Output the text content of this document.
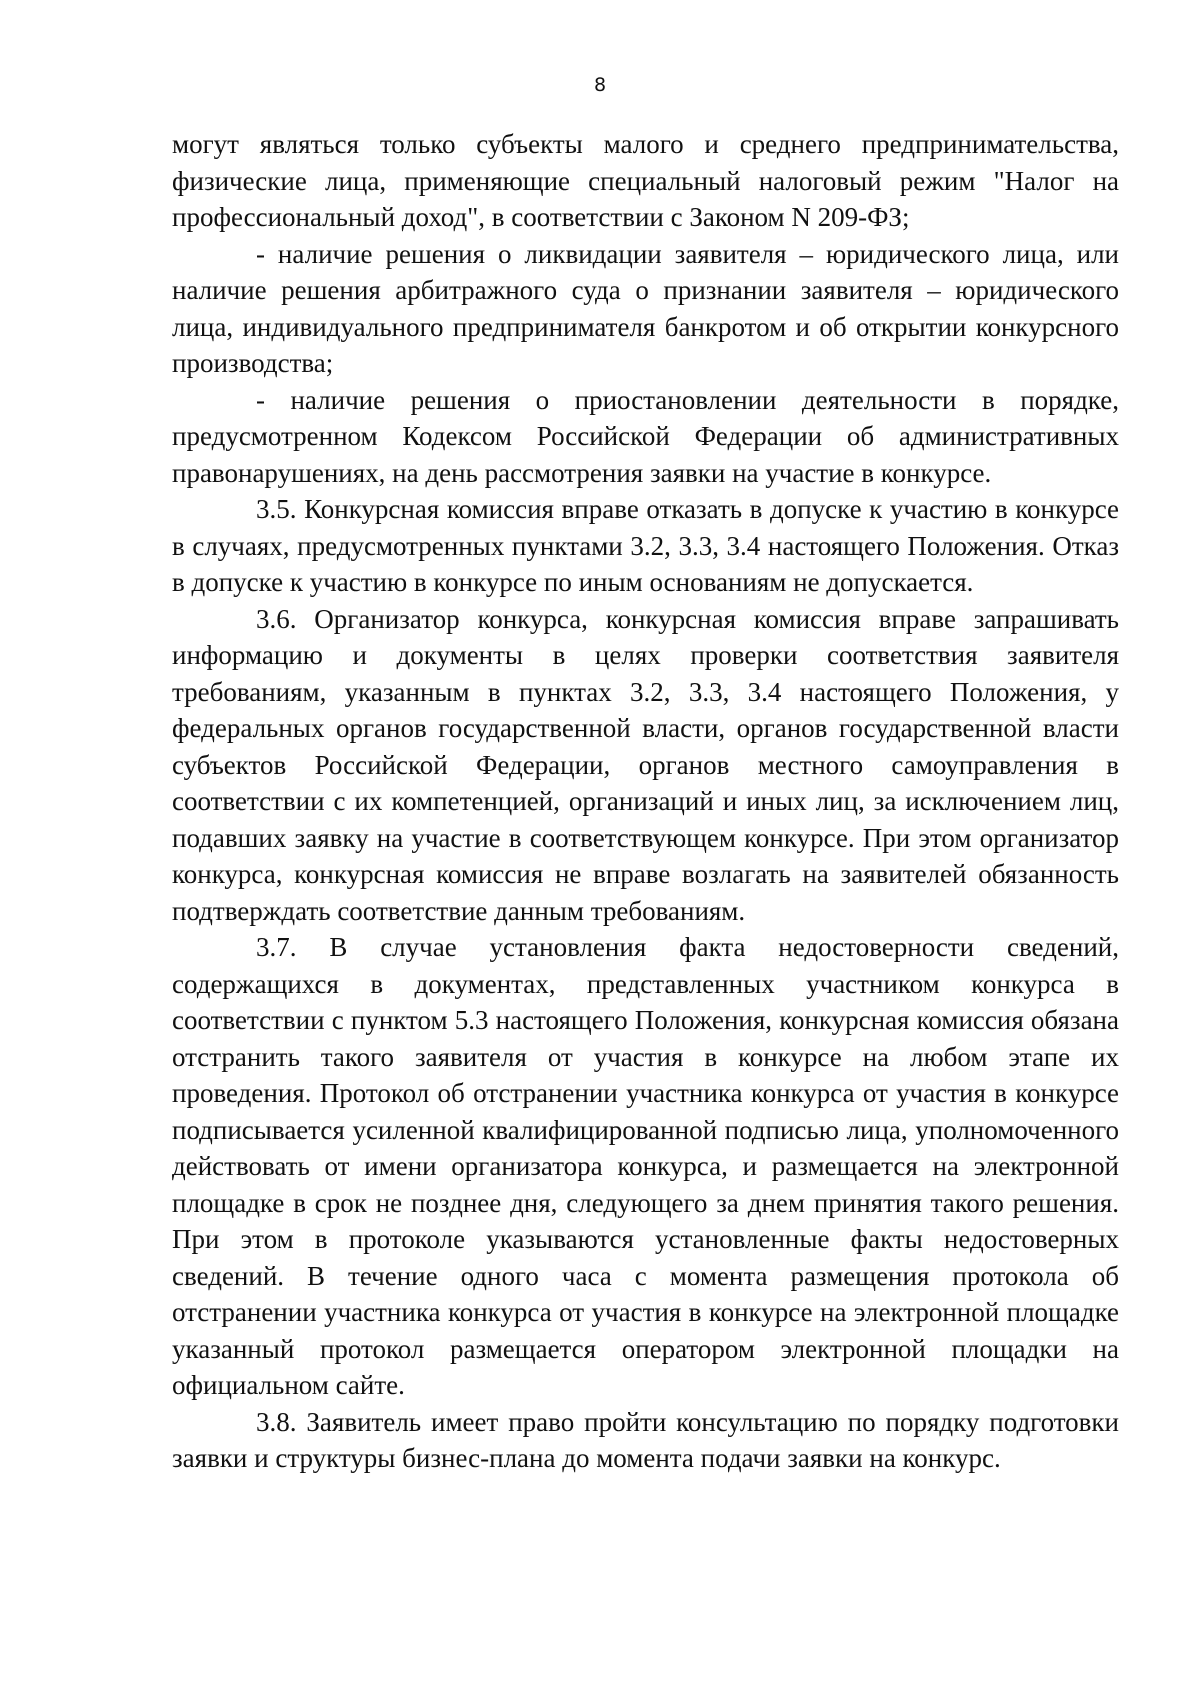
8

могут являться только субъекты малого и среднего предпринимательства, физические лица, применяющие специальный налоговый режим "Налог на профессиональный доход", в соответствии с Законом N 209-ФЗ;

- наличие решения о ликвидации заявителя – юридического лица, или наличие решения арбитражного суда о признании заявителя – юридического лица, индивидуального предпринимателя банкротом и об открытии конкурсного производства;

- наличие решения о приостановлении деятельности в порядке, предусмотренном Кодексом Российской Федерации об административных правонарушениях, на день рассмотрения заявки на участие в конкурсе.

3.5. Конкурсная комиссия вправе отказать в допуске к участию в конкурсе в случаях, предусмотренных пунктами 3.2, 3.3, 3.4 настоящего Положения. Отказ в допуске к участию в конкурсе по иным основаниям не допускается.

3.6. Организатор конкурса, конкурсная комиссия вправе запрашивать информацию и документы в целях проверки соответствия заявителя требованиям, указанным в пунктах 3.2, 3.3, 3.4 настоящего Положения, у федеральных органов государственной власти, органов государственной власти субъектов Российской Федерации, органов местного самоуправления в соответствии с их компетенцией, организаций и иных лиц, за исключением лиц, подавших заявку на участие в соответствующем конкурсе. При этом организатор конкурса, конкурсная комиссия не вправе возлагать на заявителей обязанность подтверждать соответствие данным требованиям.

3.7. В случае установления факта недостоверности сведений, содержащихся в документах, представленных участником конкурса в соответствии с пунктом 5.3 настоящего Положения, конкурсная комиссия обязана отстранить такого заявителя от участия в конкурсе на любом этапе их проведения. Протокол об отстранении участника конкурса от участия в конкурсе подписывается усиленной квалифицированной подписью лица, уполномоченного действовать от имени организатора конкурса, и размещается на электронной площадке в срок не позднее дня, следующего за днем принятия такого решения. При этом в протоколе указываются установленные факты недостоверных сведений. В течение одного часа с момента размещения протокола об отстранении участника конкурса от участия в конкурсе на электронной площадке указанный протокол размещается оператором электронной площадки на официальном сайте.

3.8. Заявитель имеет право пройти консультацию по порядку подготовки заявки и структуры бизнес-плана до момента подачи заявки на конкурс.
